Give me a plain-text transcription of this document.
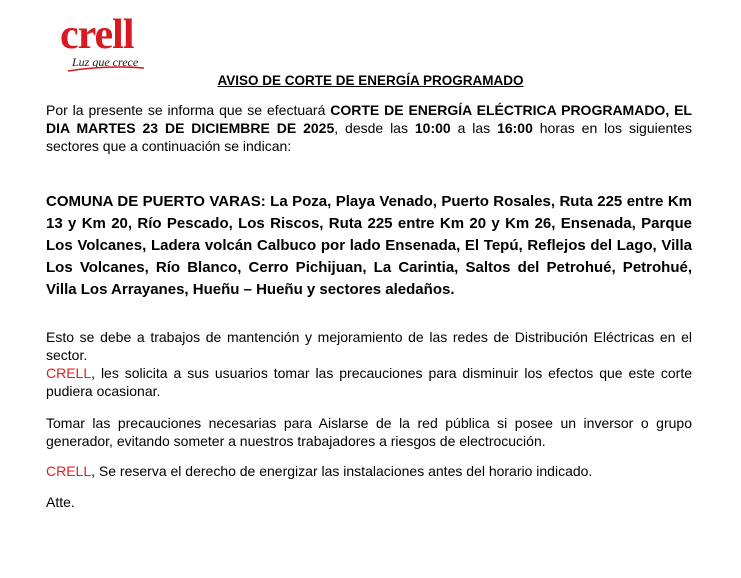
crell
Luz que crece
AVISO DE CORTE DE ENERGÍA PROGRAMADO
Por la presente se informa que se efectuará CORTE DE ENERGÍA ELÉCTRICA PROGRAMADO, EL DIA MARTES 23 DE DICIEMBRE DE 2025, desde las 10:00 a las 16:00 horas en los siguientes sectores que a continuación se indican:
COMUNA DE PUERTO VARAS: La Poza, Playa Venado, Puerto Rosales, Ruta 225 entre Km 13 y Km 20, Río Pescado, Los Riscos, Ruta 225 entre Km 20 y Km 26, Ensenada, Parque Los Volcanes, Ladera volcán Calbuco por lado Ensenada, El Tepú, Reflejos del Lago, Villa Los Volcanes, Río Blanco, Cerro Pichijuan, La Carintia, Saltos del Petrohué, Petrohué, Villa Los Arrayanes, Hueñu – Hueñu y sectores aledaños.
Esto se debe a trabajos de mantención y mejoramiento de las redes de Distribución Eléctricas en el sector.
CRELL, les solicita a sus usuarios tomar las precauciones para disminuir los efectos que este corte pudiera ocasionar.
Tomar las precauciones necesarias para Aislarse de la red pública si posee un inversor o grupo generador, evitando someter a nuestros trabajadores a riesgos de electrocución.
CRELL, Se reserva el derecho de energizar las instalaciones antes del horario indicado.
Atte.
